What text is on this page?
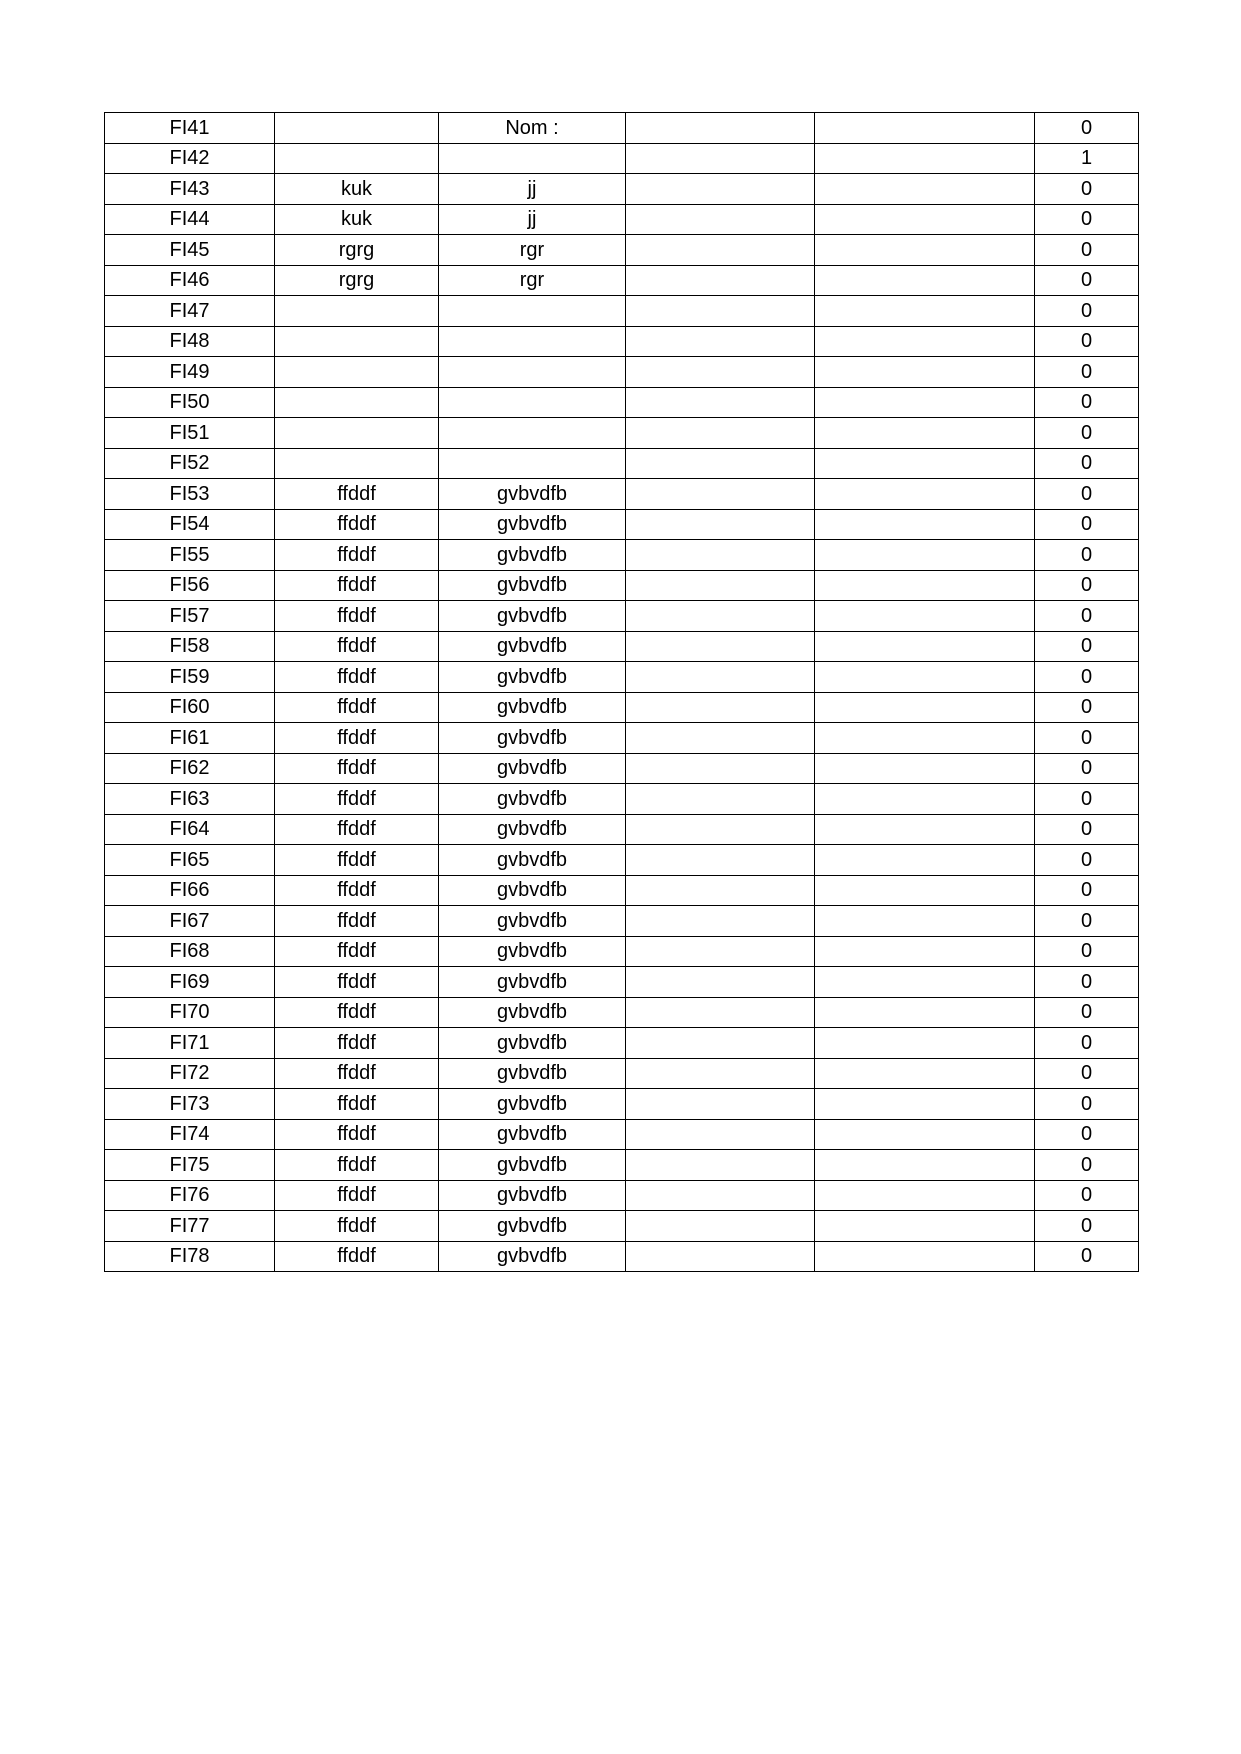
FI41		Nom :			0
FI42					1
FI43	kuk	jj			0
FI44	kuk	jj			0
FI45	rgrg	rgr			0
FI46	rgrg	rgr			0
FI47					0
FI48					0
FI49					0
FI50					0
FI51					0
FI52					0
FI53	ffddf	gvbvdfb			0
FI54	ffddf	gvbvdfb			0
FI55	ffddf	gvbvdfb			0
FI56	ffddf	gvbvdfb			0
FI57	ffddf	gvbvdfb			0
FI58	ffddf	gvbvdfb			0
FI59	ffddf	gvbvdfb			0
FI60	ffddf	gvbvdfb			0
FI61	ffddf	gvbvdfb			0
FI62	ffddf	gvbvdfb			0
FI63	ffddf	gvbvdfb			0
FI64	ffddf	gvbvdfb			0
FI65	ffddf	gvbvdfb			0
FI66	ffddf	gvbvdfb			0
FI67	ffddf	gvbvdfb			0
FI68	ffddf	gvbvdfb			0
FI69	ffddf	gvbvdfb			0
FI70	ffddf	gvbvdfb			0
FI71	ffddf	gvbvdfb			0
FI72	ffddf	gvbvdfb			0
FI73	ffddf	gvbvdfb			0
FI74	ffddf	gvbvdfb			0
FI75	ffddf	gvbvdfb			0
FI76	ffddf	gvbvdfb			0
FI77	ffddf	gvbvdfb			0
FI78	ffddf	gvbvdfb			0
